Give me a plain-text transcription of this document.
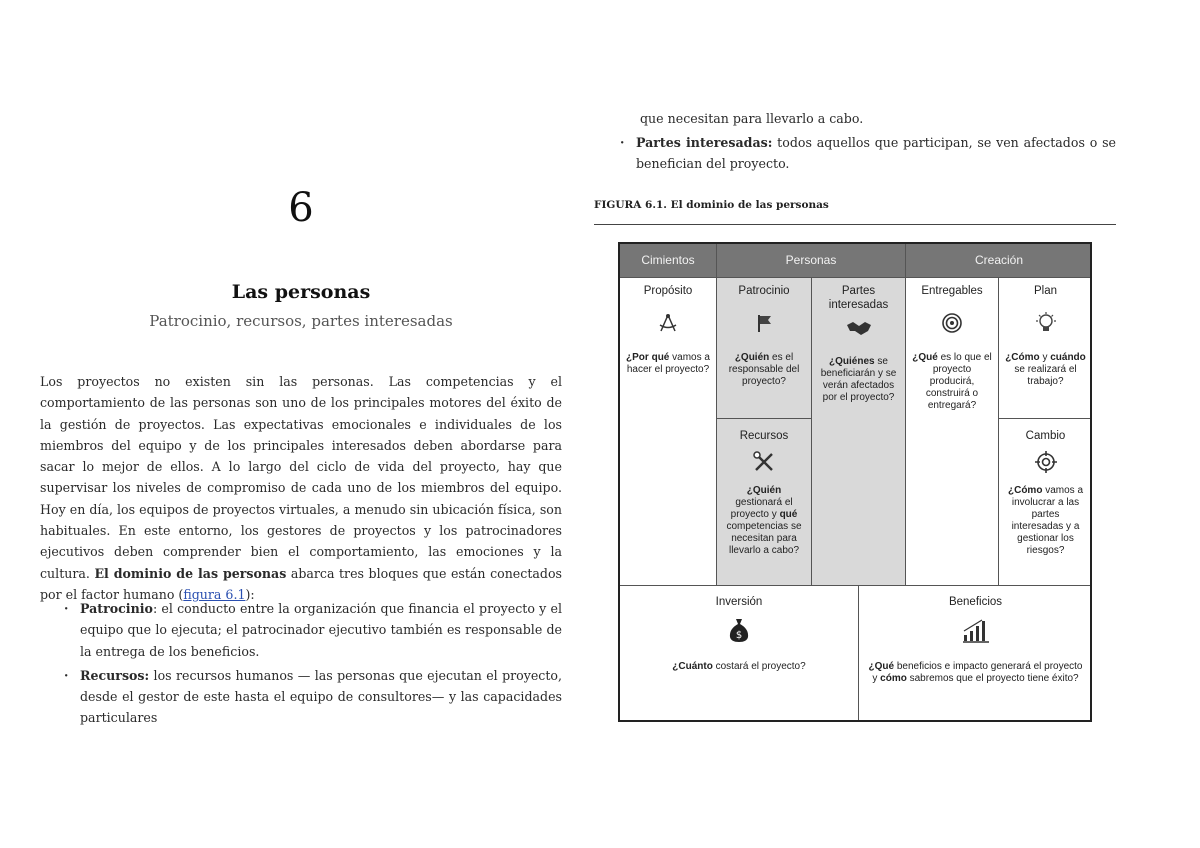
6
Las personas
Patrocinio, recursos, partes interesadas

Los proyectos no existen sin las personas. Las competencias y el comportamiento de las personas son uno de los principales motores del éxito de la gestión de proyectos. Las expectativas emocionales e individuales de los miembros del equipo y de los principales interesados deben abordarse para sacar lo mejor de ellos. A lo largo del ciclo de vida del proyecto, hay que supervisar los niveles de compromiso de cada uno de los miembros del equipo. Hoy en día, los equipos de proyectos virtuales, a menudo sin ubicación física, son habituales. En este entorno, los gestores de proyectos y los patrocinadores ejecutivos deben comprender bien el comportamiento, las emociones y la cultura. El dominio de las personas abarca tres bloques que están conectados por el factor humano (figura 6.1):

· Patrocinio: el conducto entre la organización que financia el proyecto y el equipo que lo ejecuta; el patrocinador ejecutivo también es responsable de la entrega de los beneficios.
· Recursos: los recursos humanos — las personas que ejecutan el proyecto, desde el gestor de este hasta el equipo de consultores— y las capacidades particulares

que necesitan para llevarlo a cabo.

· Partes interesadas: todos aquellos que participan, se ven afectados o se benefician del proyecto.
FIGURA 6.1. El dominio de las personas
Cimientos	Personas	Creación
Propósito
¿Por qué vamos a hacer el proyecto?
Patrocinio
¿Quién es el responsable del proyecto?
Partes interesadas
¿Quiénes se beneficiarán y se verán afectados por el proyecto?
Entregables
¿Qué es lo que el proyecto producirá, construirá o entregará?
Plan
¿Cómo y cuándo se realizará el trabajo?
Recursos
¿Quién gestionará el proyecto y qué competencias se necesitan para llevarlo a cabo?
Cambio
¿Cómo vamos a involucrar a las partes interesadas y a gestionar los riesgos?
Inversión
$
¿Cuánto costará el proyecto?
Beneficios
¿Qué beneficios e impacto generará el proyecto y cómo sabremos que el proyecto tiene éxito?
